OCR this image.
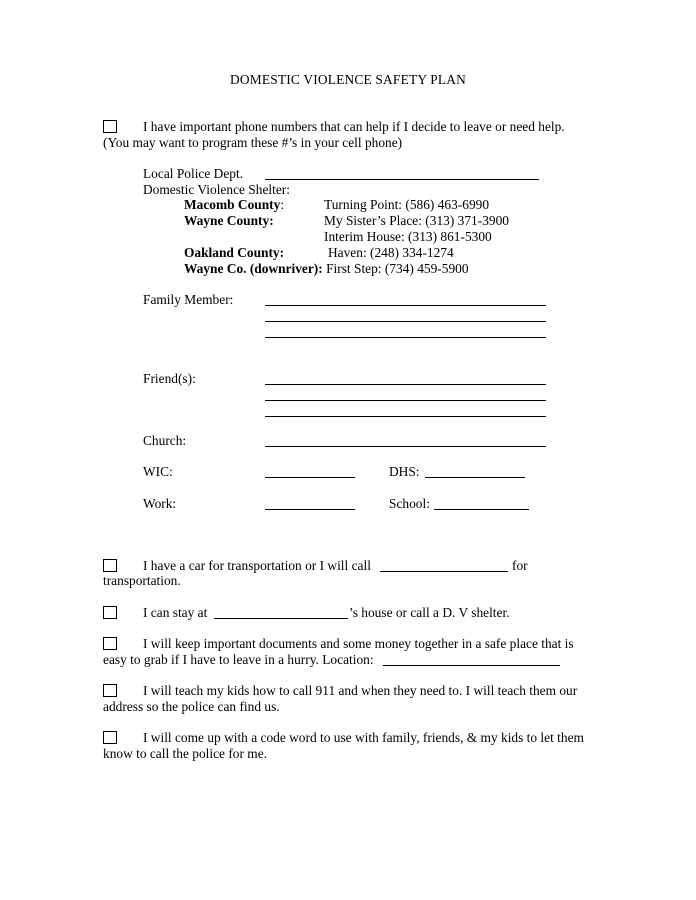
DOMESTIC VIOLENCE SAFETY PLAN
I have important phone numbers that can help if I decide to leave or need help.
(You may want to program these #’s in your cell phone)
Local Police Dept.
Domestic Violence Shelter:
Macomb County:	Turning Point: (586) 463-6990
Wayne County:	My Sister’s Place: (313) 371-3900
Interim House: (313) 861-5300
Oakland County:	Haven: (248) 334-1274
Wayne Co. (downriver): First Step: (734) 459-5900
Family Member:
Friend(s):
Church:
WIC:	DHS:
Work:	School:
I have a car for transportation or I will call	for
transportation.
I can stay at	’s house or call a D. V shelter.
I will keep important documents and some money together in a safe place that is
easy to grab if I have to leave in a hurry. Location:
I will teach my kids how to call 911 and when they need to. I will teach them our
address so the police can find us.
I will come up with a code word to use with family, friends, & my kids to let them
know to call the police for me.
